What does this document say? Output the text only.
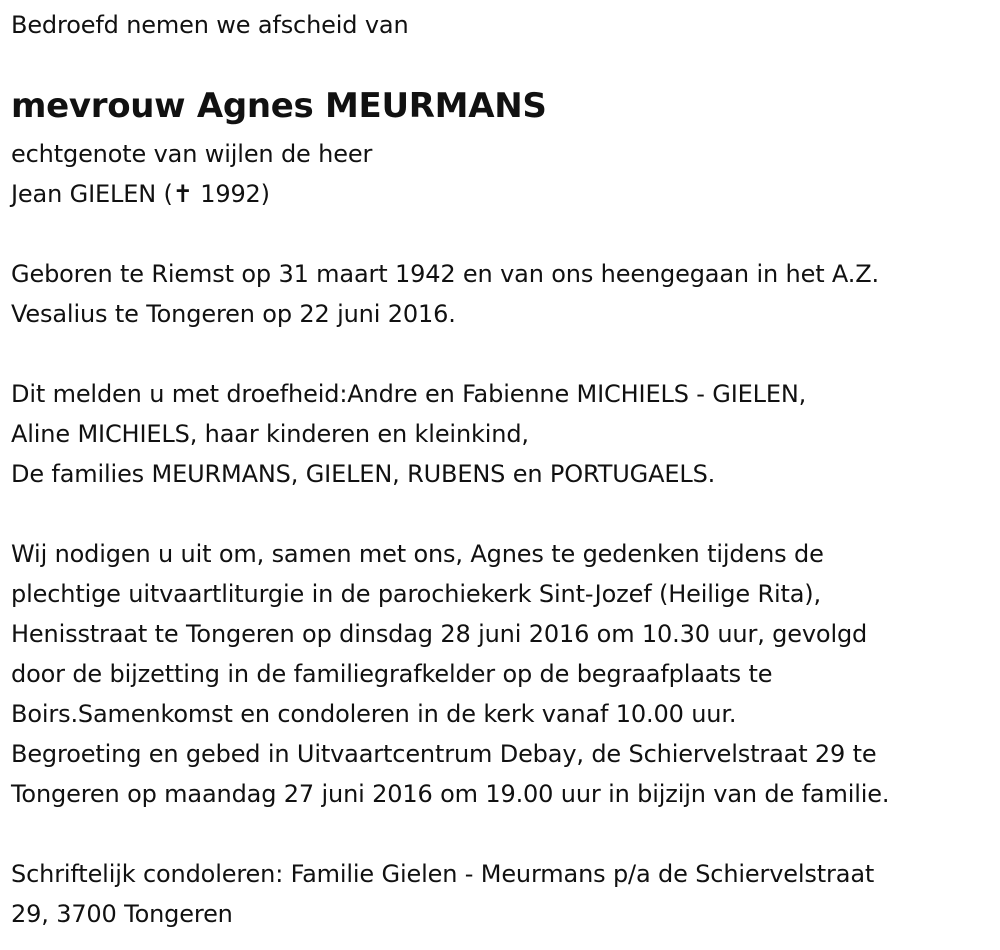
Bedroefd nemen we afscheid van
mevrouw Agnes MEURMANS
echtgenote van wijlen de heer
Jean GIELEN (✝ 1992)
Geboren te Riemst op 31 maart 1942 en van ons heengegaan in het A.Z.
Vesalius te Tongeren op 22 juni 2016.
Dit melden u met droefheid:Andre en Fabienne MICHIELS - GIELEN,
Aline MICHIELS, haar kinderen en kleinkind,
De families MEURMANS, GIELEN, RUBENS en PORTUGAELS.
Wij nodigen u uit om, samen met ons, Agnes te gedenken tijdens de
plechtige uitvaartliturgie in de parochiekerk Sint-Jozef (Heilige Rita),
Henisstraat te Tongeren op dinsdag 28 juni 2016 om 10.30 uur, gevolgd
door de bijzetting in de familiegrafkelder op de begraafplaats te
Boirs.Samenkomst en condoleren in de kerk vanaf 10.00 uur.
Begroeting en gebed in Uitvaartcentrum Debay, de Schiervelstraat 29 te
Tongeren op maandag 27 juni 2016 om 19.00 uur in bijzijn van de familie.
Schriftelijk condoleren: Familie Gielen - Meurmans p/a de Schiervelstraat
29, 3700 Tongeren
